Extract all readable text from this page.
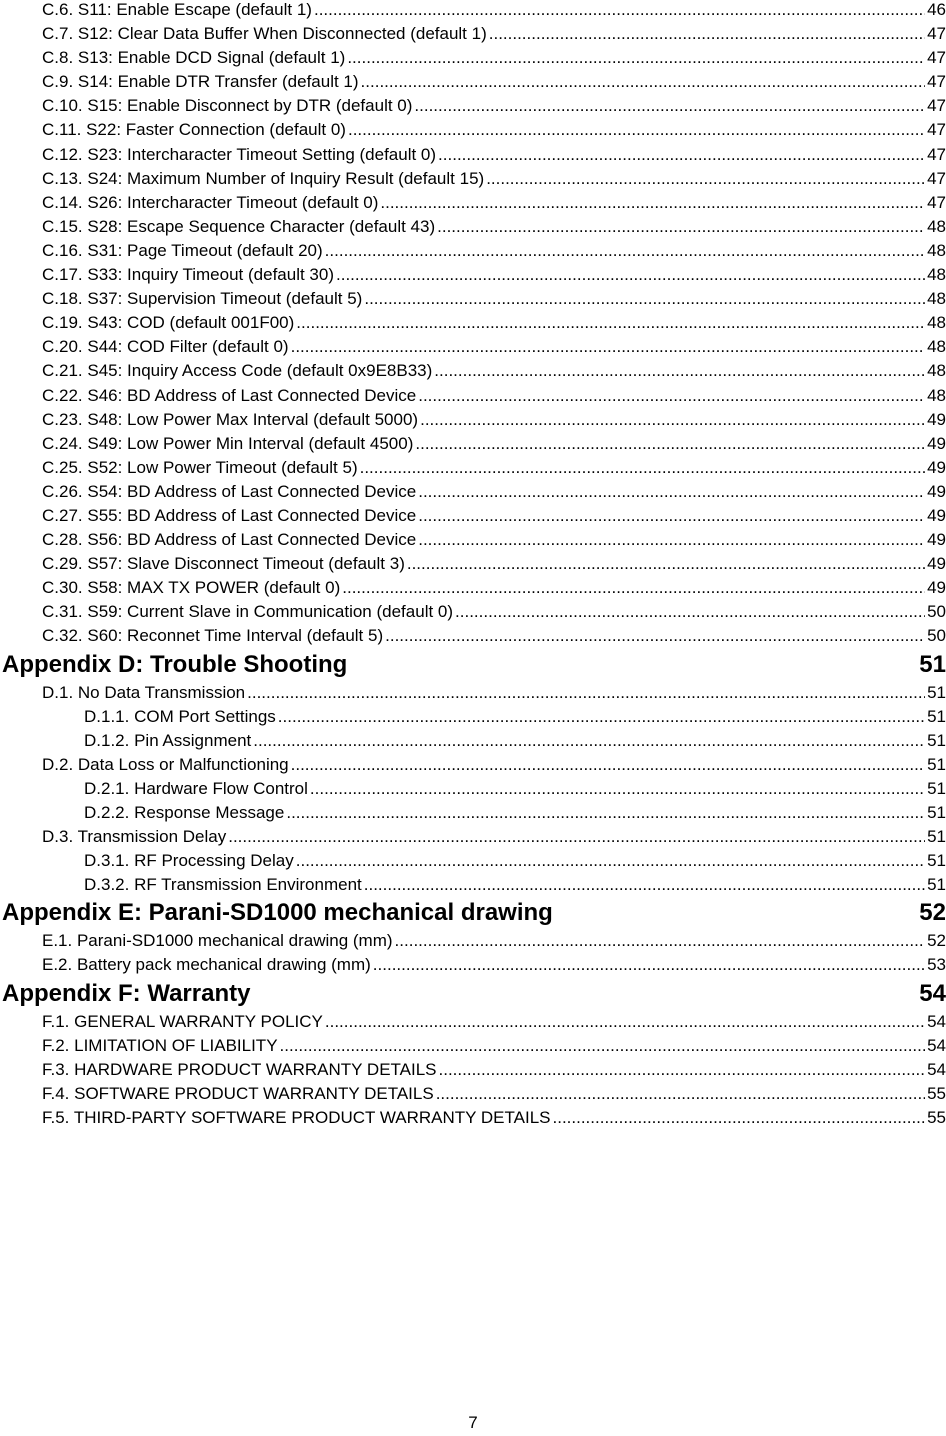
C.6. S11: Enable Escape (default 1) .....	46
C.7. S12: Clear Data Buffer When Disconnected (default 1) .....	47
C.8. S13: Enable DCD Signal (default 1) .....	47
C.9. S14: Enable DTR Transfer (default 1) .....	47
C.10. S15: Enable Disconnect by DTR (default 0) .....	47
C.11. S22: Faster Connection (default 0) .....	47
C.12. S23: Intercharacter Timeout Setting (default 0) .....	47
C.13. S24: Maximum Number of Inquiry Result (default 15) .....	47
C.14. S26: Intercharacter Timeout (default 0) .....	47
C.15. S28: Escape Sequence Character (default 43) .....	48
C.16. S31: Page Timeout (default 20) .....	48
C.17. S33: Inquiry Timeout (default 30) .....	48
C.18. S37: Supervision Timeout (default 5) .....	48
C.19. S43: COD (default 001F00) .....	48
C.20. S44: COD Filter (default 0) .....	48
C.21. S45: Inquiry Access Code (default 0x9E8B33) .....	48
C.22. S46: BD Address of Last Connected Device .....	48
C.23. S48: Low Power Max Interval (default 5000) .....	49
C.24. S49: Low Power Min Interval (default 4500) .....	49
C.25. S52: Low Power Timeout (default 5) .....	49
C.26. S54: BD Address of Last Connected Device .....	49
C.27. S55: BD Address of Last Connected Device .....	49
C.28. S56: BD Address of Last Connected Device .....	49
C.29. S57: Slave Disconnect Timeout (default 3) .....	49
C.30. S58: MAX TX POWER (default 0) .....	49
C.31. S59: Current Slave in Communication (default 0) .....	50
C.32. S60: Reconnet Time Interval (default 5) .....	50
Appendix D: Trouble Shooting	51
D.1. No Data Transmission .....	51
D.1.1. COM Port Settings .....	51
D.1.2. Pin Assignment .....	51
D.2. Data Loss or Malfunctioning .....	51
D.2.1. Hardware Flow Control .....	51
D.2.2. Response Message .....	51
D.3. Transmission Delay .....	51
D.3.1. RF Processing Delay .....	51
D.3.2. RF Transmission Environment .....	51
Appendix E: Parani-SD1000 mechanical drawing	52
E.1. Parani-SD1000 mechanical drawing (mm) .....	52
E.2. Battery pack mechanical drawing (mm) .....	53
Appendix F: Warranty	54
F.1. GENERAL WARRANTY POLICY .....	54
F.2. LIMITATION OF LIABILITY .....	54
F.3. HARDWARE PRODUCT WARRANTY DETAILS .....	54
F.4. SOFTWARE PRODUCT WARRANTY DETAILS .....	55
F.5. THIRD-PARTY SOFTWARE PRODUCT WARRANTY DETAILS .....	55
7
